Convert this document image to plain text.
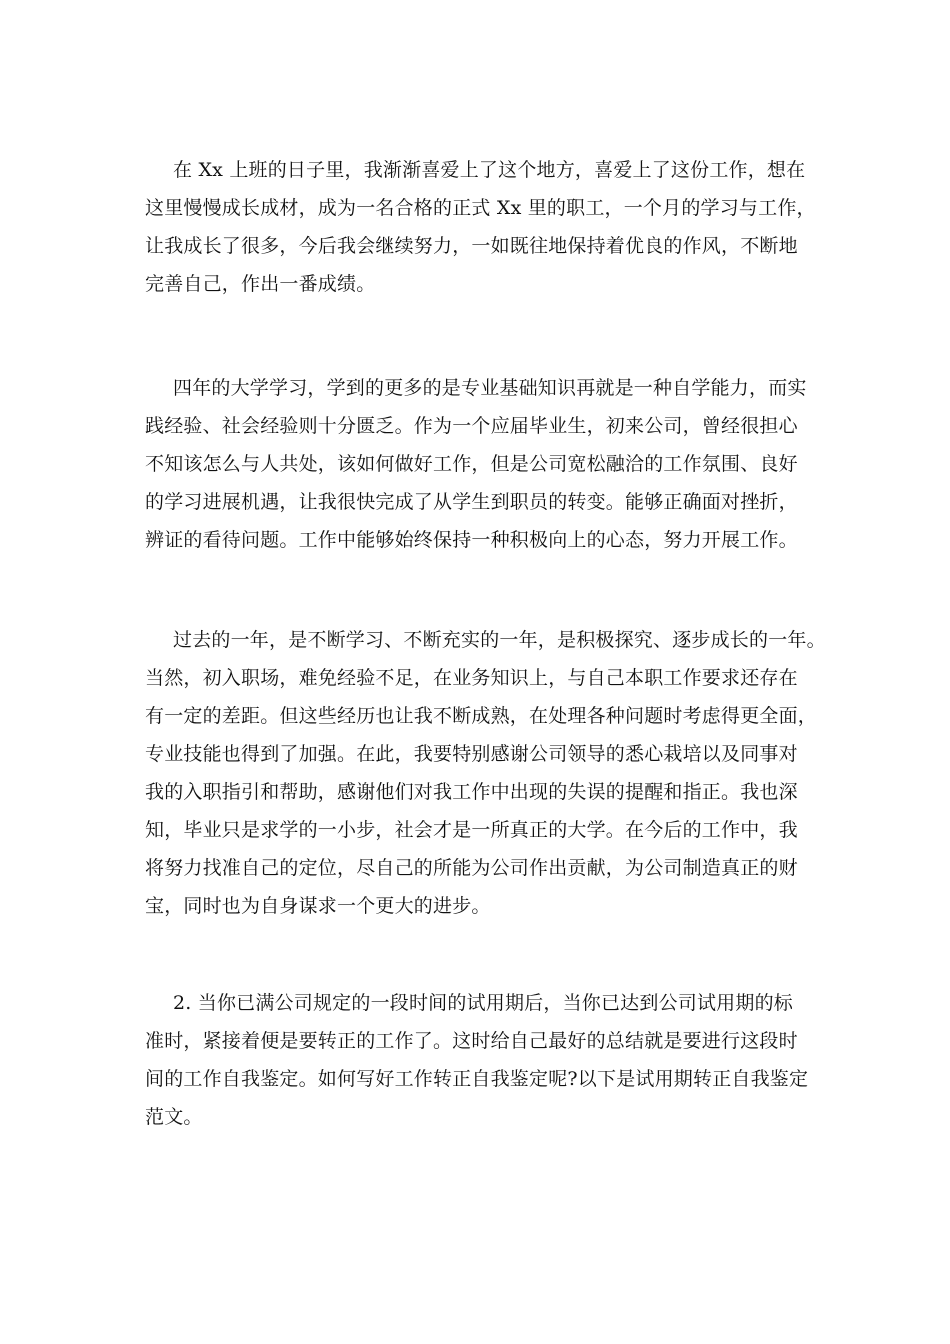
在 Xx 上班的日子里，我渐渐喜爱上了这个地方，喜爱上了这份工作，想在
这里慢慢成长成材，成为一名合格的正式 Xx 里的职工，一个月的学习与工作，
让我成长了很多，今后我会继续努力，一如既往地保持着优良的作风，不断地
完善自己，作出一番成绩。
四年的大学学习，学到的更多的是专业基础知识再就是一种自学能力，而实
践经验、社会经验则十分匮乏。作为一个应届毕业生，初来公司，曾经很担心
不知该怎么与人共处，该如何做好工作，但是公司宽松融洽的工作氛围、良好
的学习进展机遇，让我很快完成了从学生到职员的转变。能够正确面对挫折，
辨证的看待问题。工作中能够始终保持一种积极向上的心态，努力开展工作。
过去的一年，是不断学习、不断充实的一年，是积极探究、逐步成长的一年。
当然，初入职场，难免经验不足，在业务知识上，与自己本职工作要求还存在
有一定的差距。但这些经历也让我不断成熟，在处理各种问题时考虑得更全面，
专业技能也得到了加强。在此，我要特别感谢公司领导的悉心栽培以及同事对
我的入职指引和帮助，感谢他们对我工作中出现的失误的提醒和指正。我也深
知，毕业只是求学的一小步，社会才是一所真正的大学。在今后的工作中，我
将努力找准自己的定位，尽自己的所能为公司作出贡献，为公司制造真正的财
宝，同时也为自身谋求一个更大的进步。
2. 当你已满公司规定的一段时间的试用期后，当你已达到公司试用期的标
准时，紧接着便是要转正的工作了。这时给自己最好的总结就是要进行这段时
间的工作自我鉴定。如何写好工作转正自我鉴定呢?以下是试用期转正自我鉴定
范文。
